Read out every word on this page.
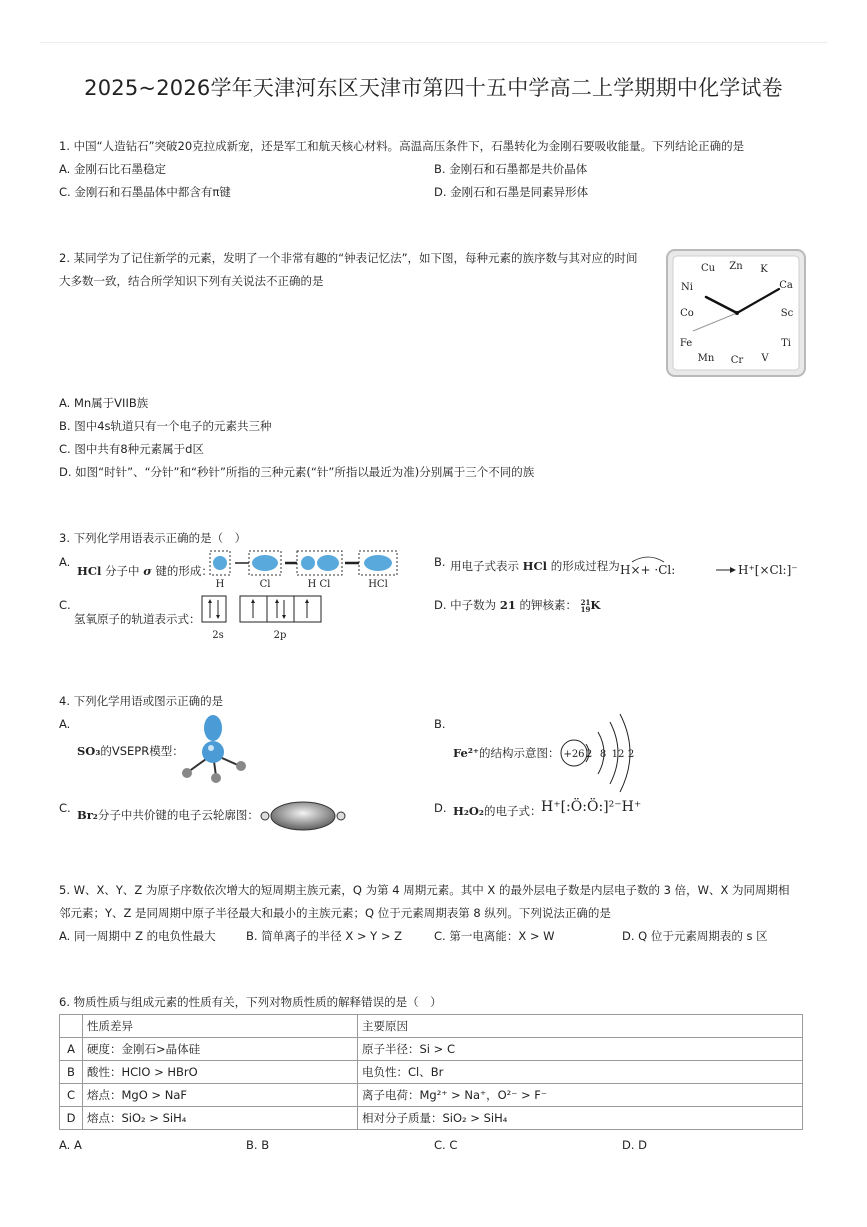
2025~2026学年天津河东区天津市第四十五中学高二上学期期中化学试卷
1. 中国“人造钻石”突破20克拉成新宠，还是军工和航天核心材料。高温高压条件下，石墨转化为金刚石要吸收能量。下列结论正确的是
A. 金刚石比石墨稳定	B. 金刚石和石墨都是共价晶体
C. 金刚石和石墨晶体中都含有π键	D. 金刚石和石墨是同素异形体
2. 某同学为了记住新学的元素，发明了一个非常有趣的“钟表记忆法”，如下图，每种元素的族序数与其对应的时间
大多数一致，结合所学知识下列有关说法不正确的是
K
Ca
Sc
Ti
V
Cr
Mn
Fe
Co
Ni
Cu Zn
A. Mn属于VIIB族
B. 图中4s轨道只有一个电子的元素共三种
C. 图中共有8种元素属于d区
D. 如图“时针”、“分针”和“秒针”所指的三种元素(“针”所指以最近为准)分别属于三个不同的族
3. 下列化学用语表示正确的是（　）
A.
HCl 分子中 σ 键的形成：
H	Cl	H Cl	HCl
B. 用电子式表示 HCl 的形成过程为 H×+ ·Cl:	H⁺[×Cl:]⁻
C.
氢氧原子的轨道表示式：
2s	2p
D. 中子数为 21 的钾核素： 21
19K
4. 下列化学用语或图示正确的是
A.
SO₃的VSEPR模型：
B.
Fe²⁺的结构示意图： +26 2 8 12 2
C. Br₂分子中共价键的电子云轮廓图：	D. H₂O₂的电子式： H⁺[:Ö:Ö:]²⁻H⁺
5. W、X、Y、Z 为原子序数依次增大的短周期主族元素，Q 为第 4 周期元素。其中 X 的最外层电子数是内层电子数的 3 倍，W、X 为同周期相
邻元素；Y、Z 是同周期中原子半径最大和最小的主族元素；Q 位于元素周期表第 8 纵列。下列说法正确的是
A. 同一周期中 Z 的电负性最大	B. 简单离子的半径 X > Y > Z	C. 第一电离能：X > W	D. Q 位于元素周期表的 s 区
6. 物质性质与组成元素的性质有关，下列对物质性质的解释错误的是（　）
	性质差异	主要原因
A	硬度：金刚石>晶体硅	原子半径：Si > C
B	酸性：HClO > HBrO	电负性：Cl、Br
C	熔点：MgO > NaF	离子电荷：Mg²⁺ > Na⁺，O²⁻ > F⁻
D	熔点：SiO₂ > SiH₄	相对分子质量：SiO₂ > SiH₄
A. A	B. B	C. C	D. D
